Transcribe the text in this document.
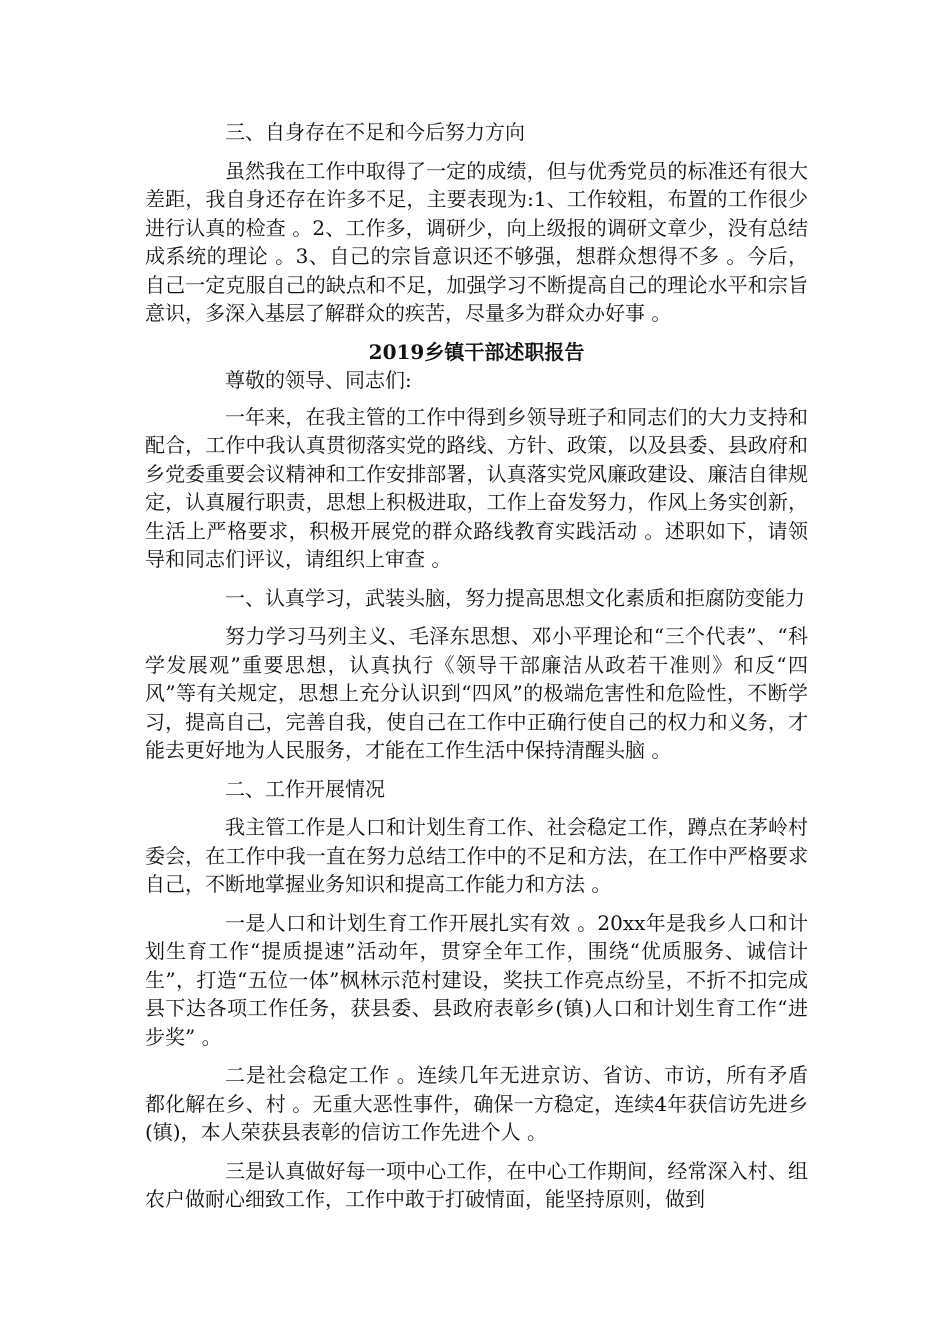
三、自身存在不足和今后努力方向

虽然我在工作中取得了一定的成绩，但与优秀党员的标准还有很大差距，我自身还存在许多不足，主要表现为:1、工作较粗，布置的工作很少进行认真的检查 。2、工作多，调研少，向上级报的调研文章少，没有总结成系统的理论 。3、自己的宗旨意识还不够强，想群众想得不多 。今后，自己一定克服自己的缺点和不足，加强学习不断提高自己的理论水平和宗旨意识，多深入基层了解群众的疾苦，尽量多为群众办好事 。

2019乡镇干部述职报告

尊敬的领导、同志们:

一年来，在我主管的工作中得到乡领导班子和同志们的大力支持和配合，工作中我认真贯彻落实党的路线、方针、政策，以及县委、县政府和乡党委重要会议精神和工作安排部署，认真落实党风廉政建设、廉洁自律规定，认真履行职责，思想上积极进取，工作上奋发努力，作风上务实创新，生活上严格要求，积极开展党的群众路线教育实践活动 。述职如下，请领导和同志们评议，请组织上审查 。

一、认真学习，武装头脑，努力提高思想文化素质和拒腐防变能力

努力学习马列主义、毛泽东思想、邓小平理论和“三个代表”、“科学发展观”重要思想，认真执行《领导干部廉洁从政若干准则》和反“四风”等有关规定，思想上充分认识到“四风”的极端危害性和危险性，不断学习，提高自己，完善自我，使自己在工作中正确行使自己的权力和义务，才能去更好地为人民服务，才能在工作生活中保持清醒头脑 。

二、工作开展情况

我主管工作是人口和计划生育工作、社会稳定工作，蹲点在茅岭村委会，在工作中我一直在努力总结工作中的不足和方法，在工作中严格要求自己，不断地掌握业务知识和提高工作能力和方法 。

一是人口和计划生育工作开展扎实有效 。20xx年是我乡人口和计划生育工作“提质提速”活动年，贯穿全年工作，围绕“优质服务、诚信计生”，打造“五位一体”枫林示范村建设，奖扶工作亮点纷呈，不折不扣完成县下达各项工作任务，获县委、县政府表彰乡(镇)人口和计划生育工作“进步奖” 。

二是社会稳定工作 。连续几年无进京访、省访、市访，所有矛盾都化解在乡、村 。无重大恶性事件，确保一方稳定，连续4年获信访先进乡(镇)，本人荣获县表彰的信访工作先进个人 。

三是认真做好每一项中心工作，在中心工作期间，经常深入村、组农户做耐心细致工作，工作中敢于打破情面，能坚持原则，做到
